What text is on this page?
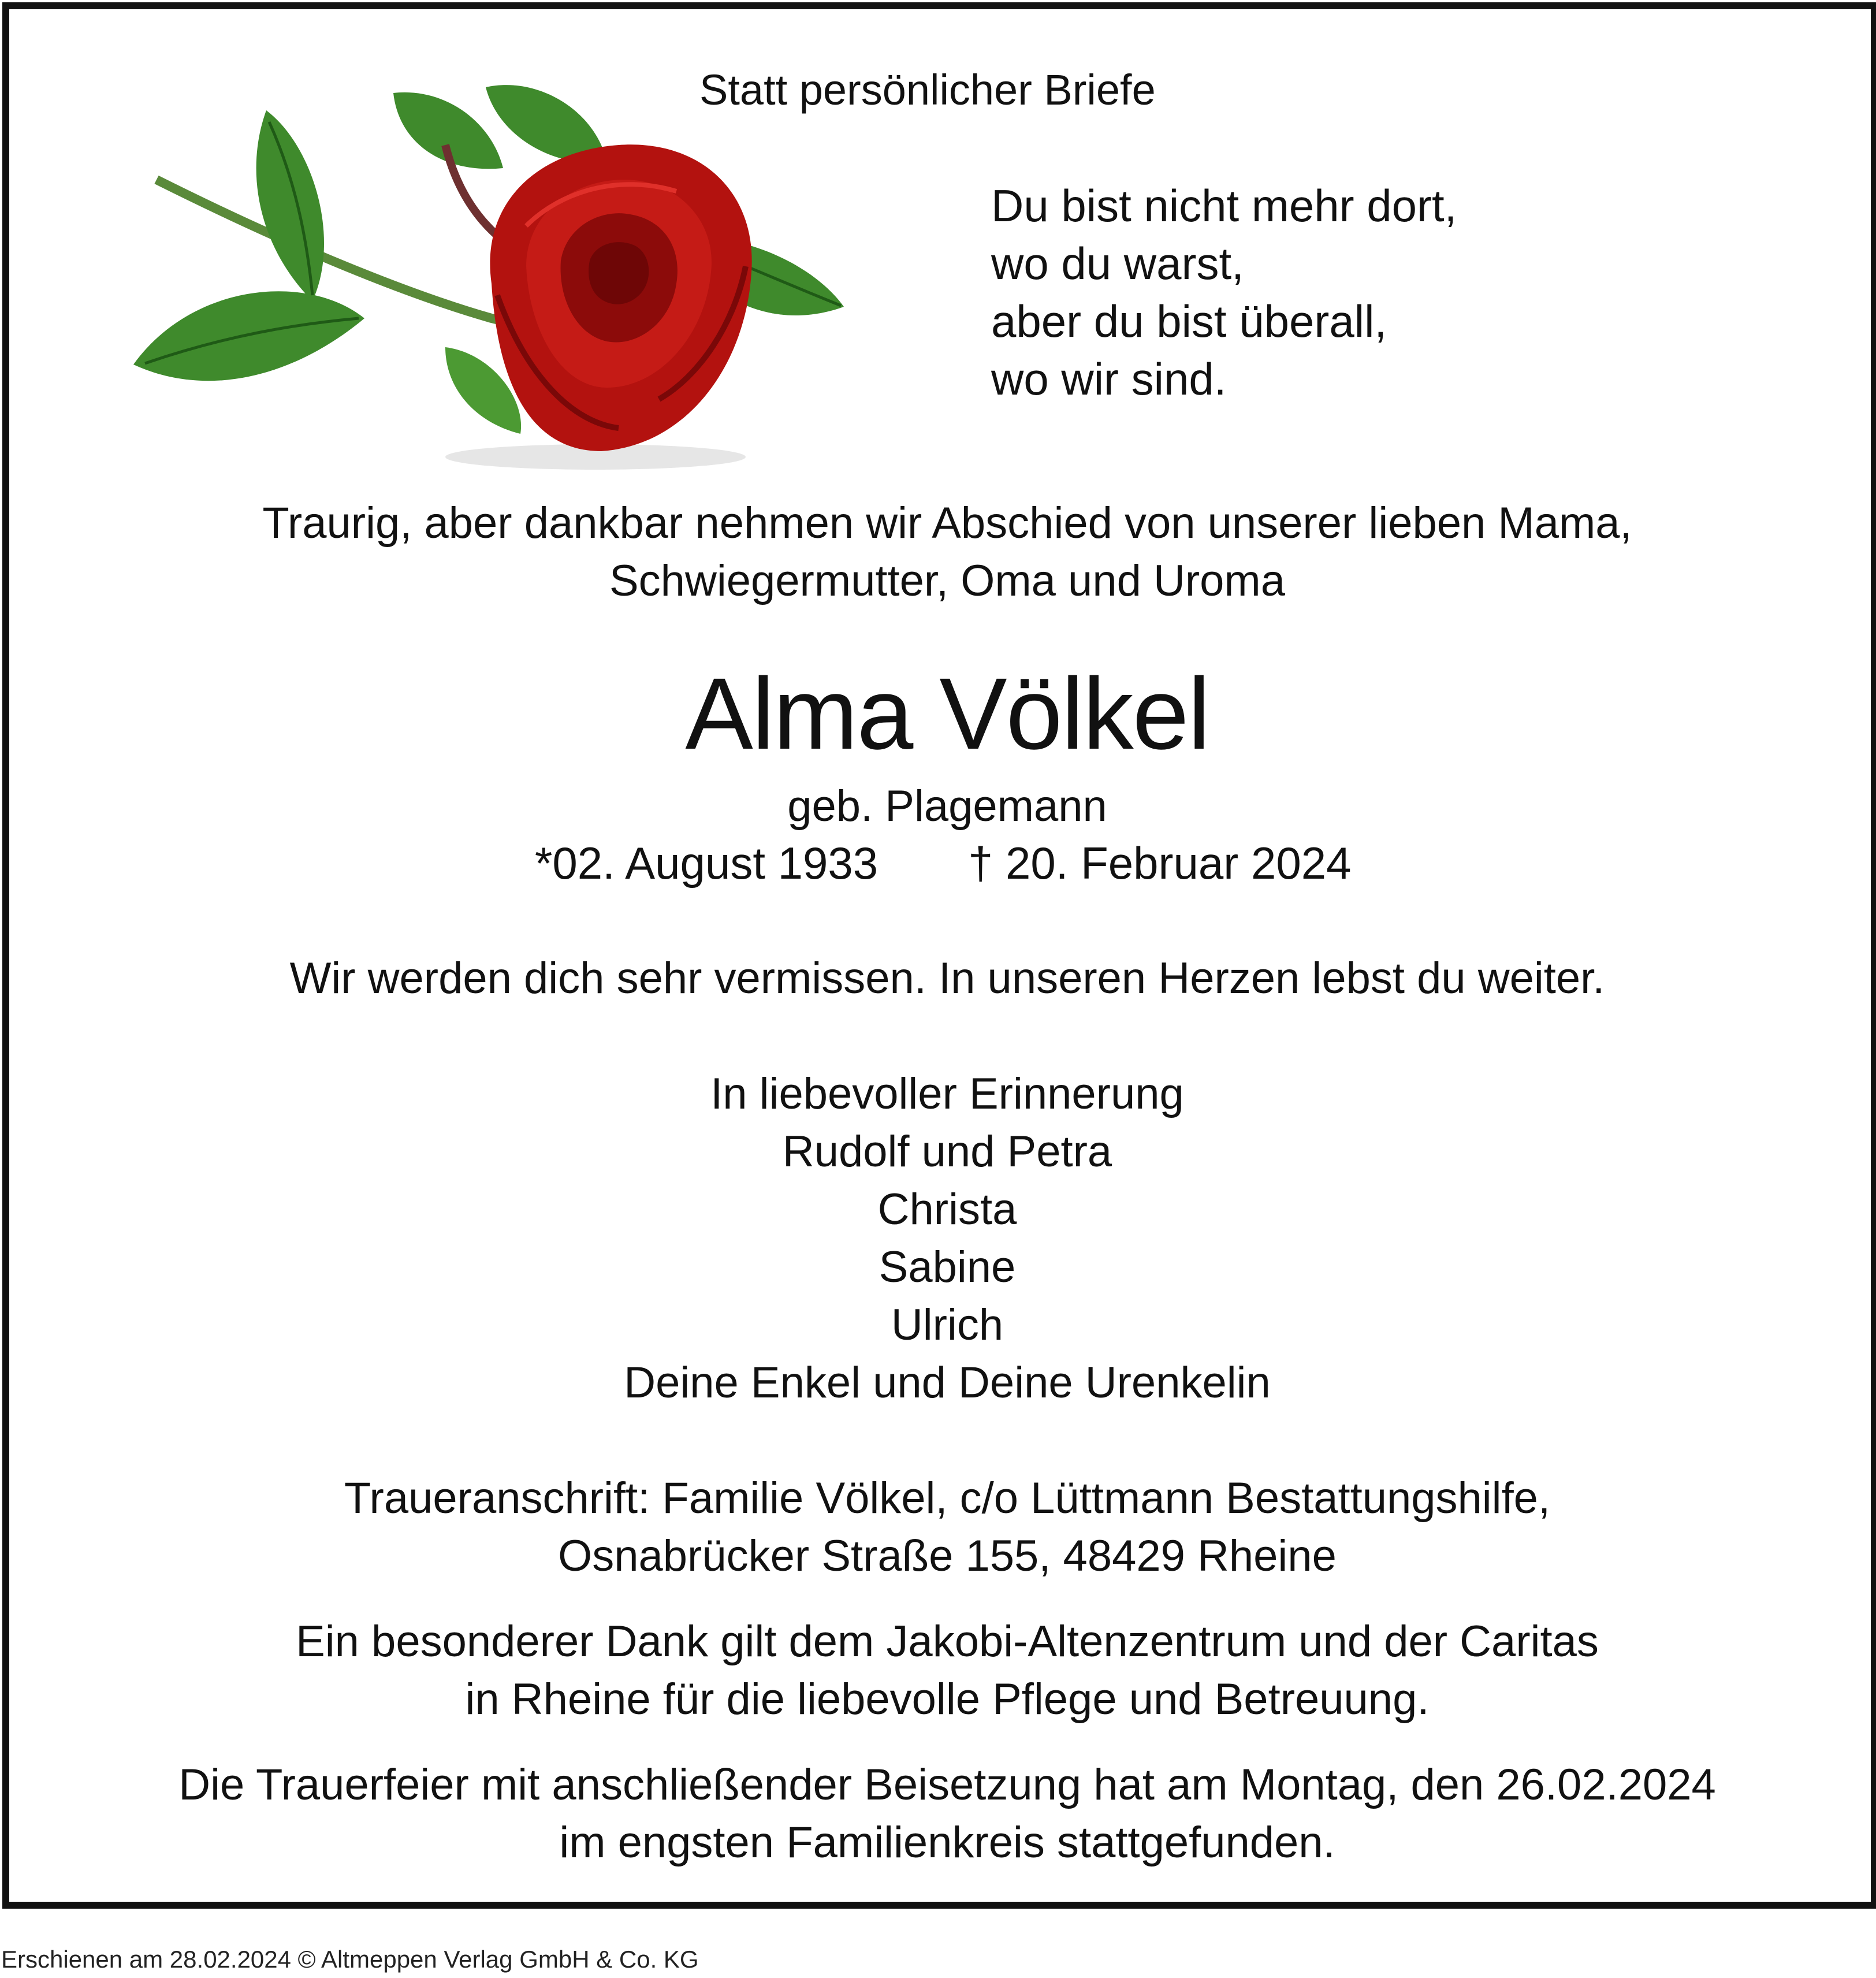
Statt persönlicher Briefe
Du bist nicht mehr dort,
wo du warst,
aber du bist überall,
wo wir sind.
Traurig, aber dankbar nehmen wir Abschied von unserer lieben Mama,
Schwiegermutter, Oma und Uroma
Alma Völkel
geb. Plagemann
*02. August 1933 † 20. Februar 2024
Wir werden dich sehr vermissen. In unseren Herzen lebst du weiter.
In liebevoller Erinnerung
Rudolf und Petra
Christa
Sabine
Ulrich
Deine Enkel und Deine Urenkelin
Traueranschrift: Familie Völkel, c/o Lüttmann Bestattungshilfe,
Osnabrücker Straße 155, 48429 Rheine
Ein besonderer Dank gilt dem Jakobi-Altenzentrum und der Caritas
in Rheine für die liebevolle Pflege und Betreuung.
Die Trauerfeier mit anschließender Beisetzung hat am Montag, den 26.02.2024
im engsten Familienkreis stattgefunden.
Erschienen am 28.02.2024 © Altmeppen Verlag GmbH & Co. KG
